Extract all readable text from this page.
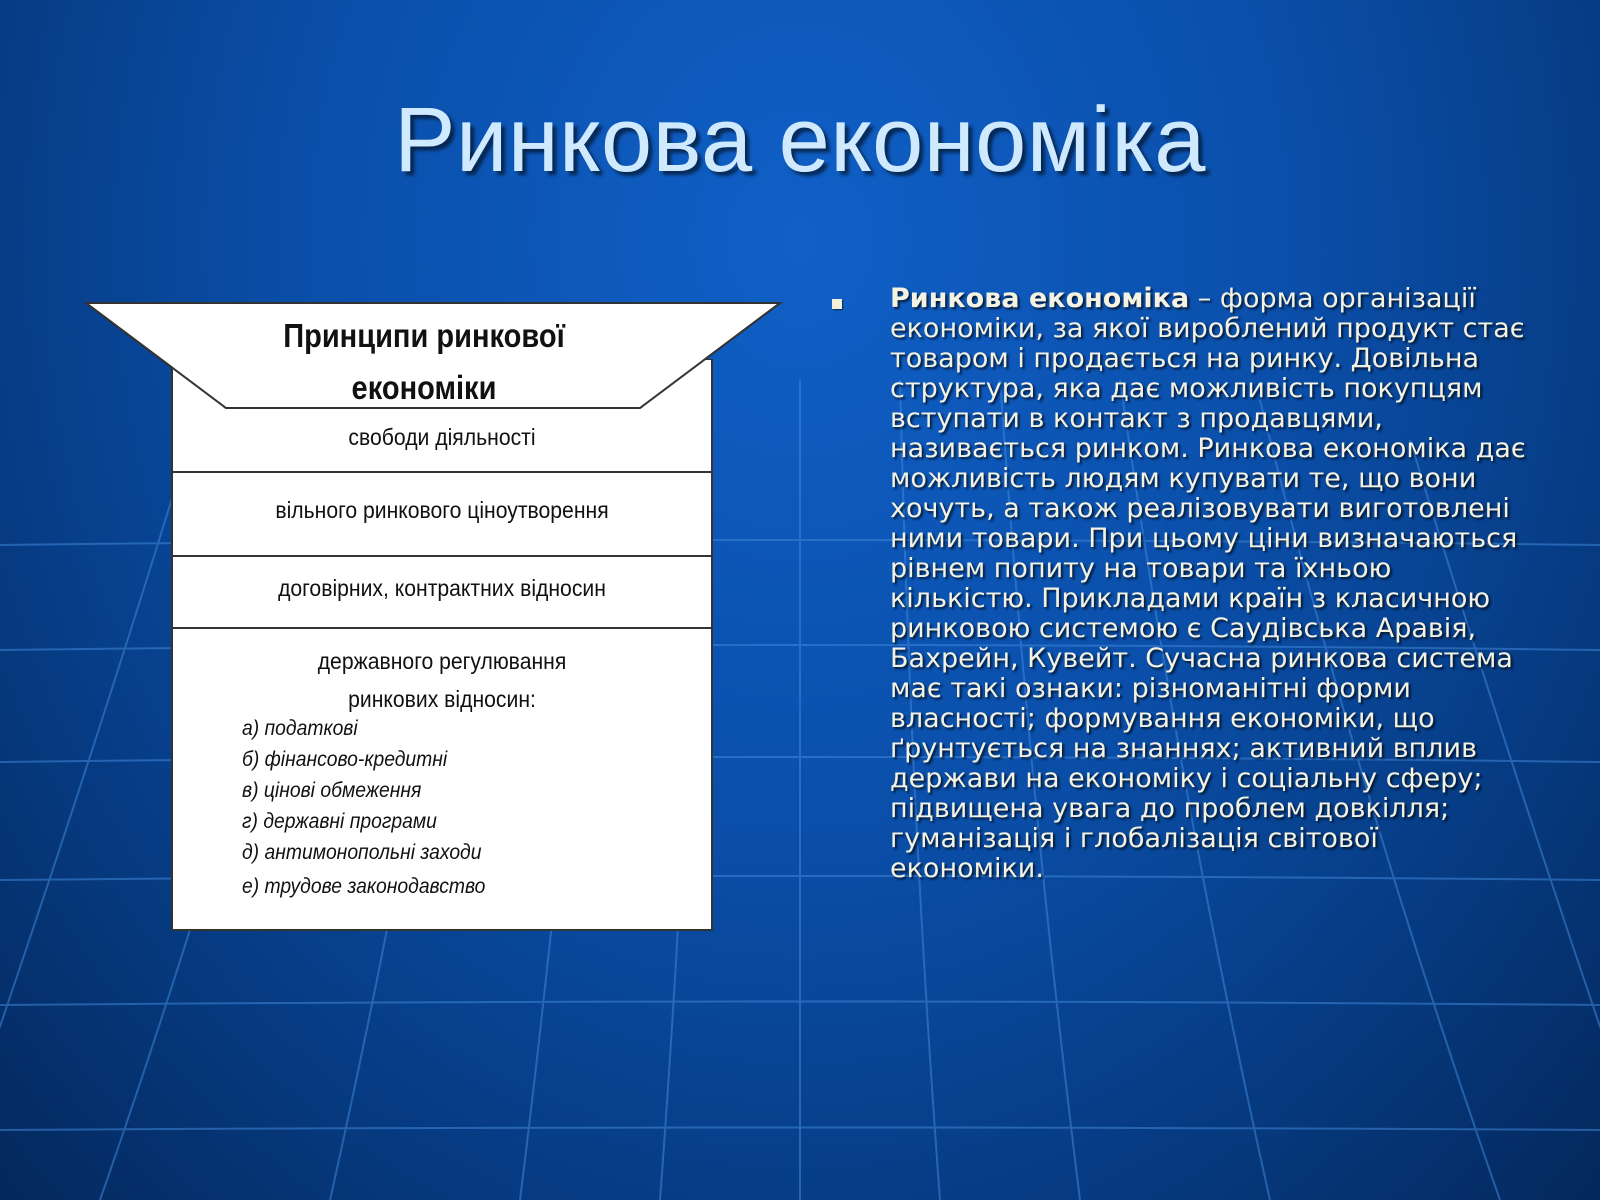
Ринкова економіка
Принципи ринкової економіки
свободи діяльності
вільного ринкового ціноутворення
договірних, контрактних відносин
державного регулювання ринкових відносин:
а) податкові
б) фінансово-кредитні
в) цінові обмеження
г) державні програми
д) антимонопольні заходи
е) трудове законодавство

Ринкова економіка – форма організації економіки, за якої вироблений продукт стає товаром і продається на ринку. Довільна структура, яка дає можливість покупцям вступати в контакт з продавцями, називається ринком. Ринкова економіка дає можливість людям купувати те, що вони хочуть, а також реалізовувати виготовлені ними товари. При цьому ціни визначаються рівнем попиту на товари та їхньою кількістю. Прикладами країн з класичною ринковою системою є Саудівська Аравія, Бахрейн, Кувейт. Сучасна ринкова система має такі ознаки: різноманітні форми власності; формування економіки, що ґрунтується на знаннях; активний вплив держави на економіку і соціальну сферу; підвищена увага до проблем довкілля; гуманізація і глобалізація світової економіки.
